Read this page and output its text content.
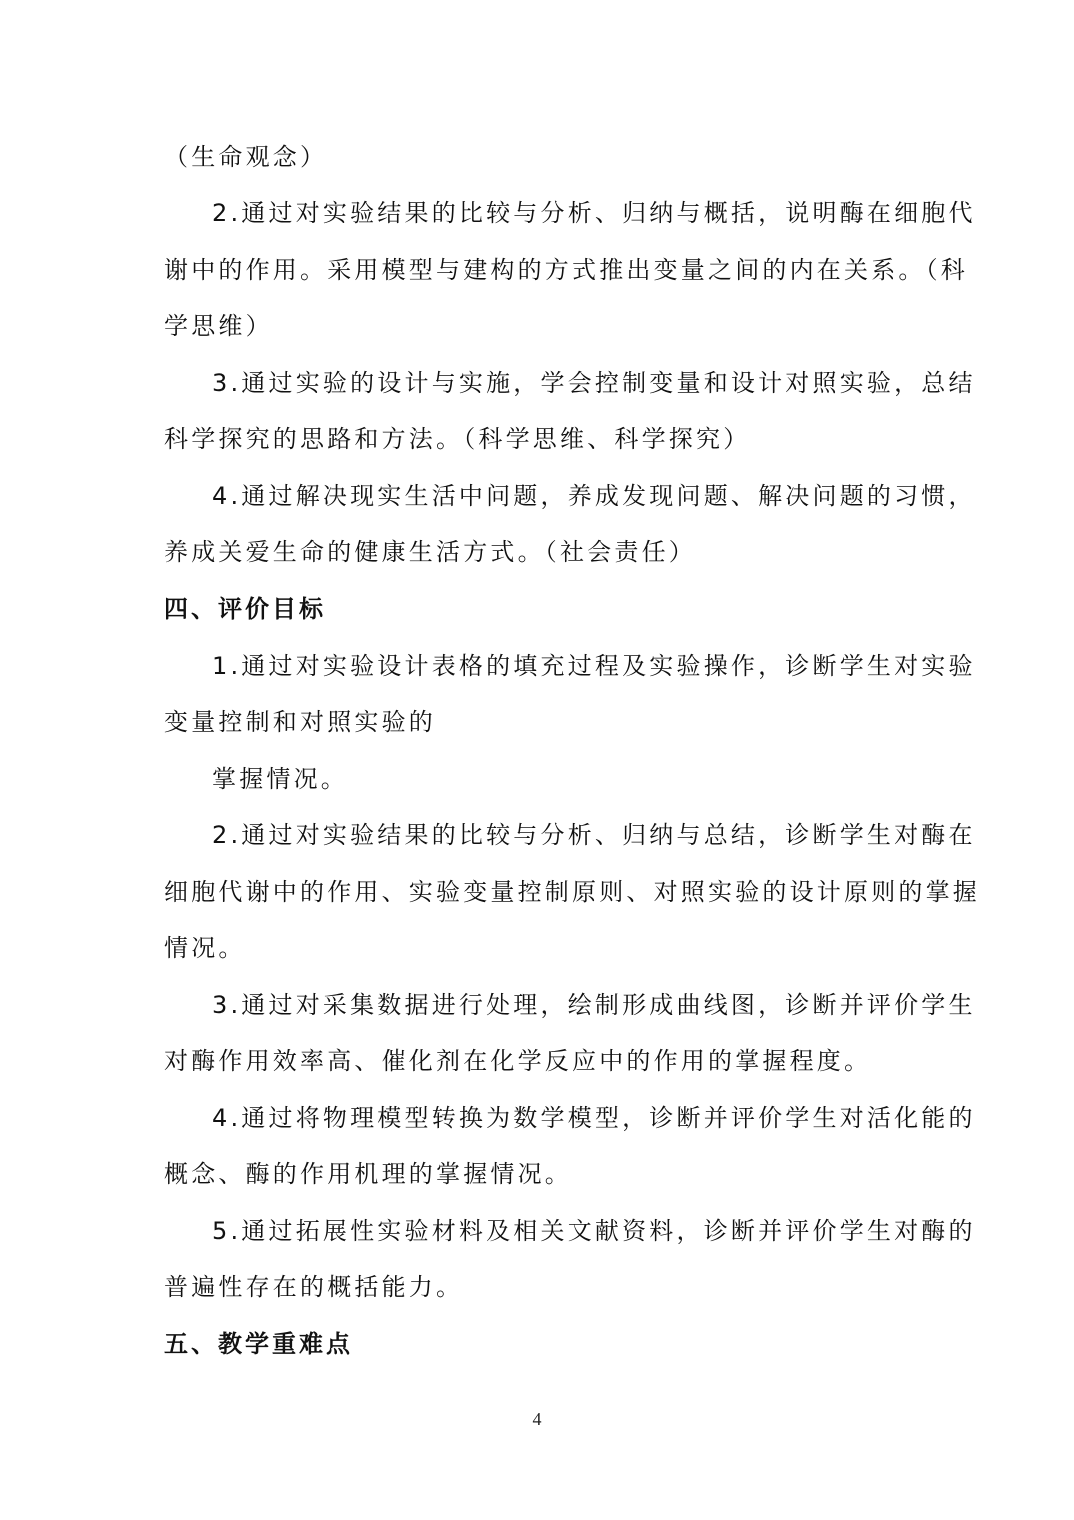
（生命观念）
2.通过对实验结果的比较与分析、归纳与概括，说明酶在细胞代
谢中的作用。采用模型与建构的方式推出变量之间的内在关系。（科
学思维）
3.通过实验的设计与实施，学会控制变量和设计对照实验，总结
科学探究的思路和方法。（科学思维、科学探究）
4.通过解决现实生活中问题，养成发现问题、解决问题的习惯，
养成关爱生命的健康生活方式。（社会责任）
四、评价目标
1.通过对实验设计表格的填充过程及实验操作，诊断学生对实验
变量控制和对照实验的
掌握情况。
2.通过对实验结果的比较与分析、归纳与总结，诊断学生对酶在
细胞代谢中的作用、实验变量控制原则、对照实验的设计原则的掌握
情况。
3.通过对采集数据进行处理，绘制形成曲线图，诊断并评价学生
对酶作用效率高、催化剂在化学反应中的作用的掌握程度。
4.通过将物理模型转换为数学模型，诊断并评价学生对活化能的
概念、酶的作用机理的掌握情况。
5.通过拓展性实验材料及相关文献资料，诊断并评价学生对酶的
普遍性存在的概括能力。
五、教学重难点
4
